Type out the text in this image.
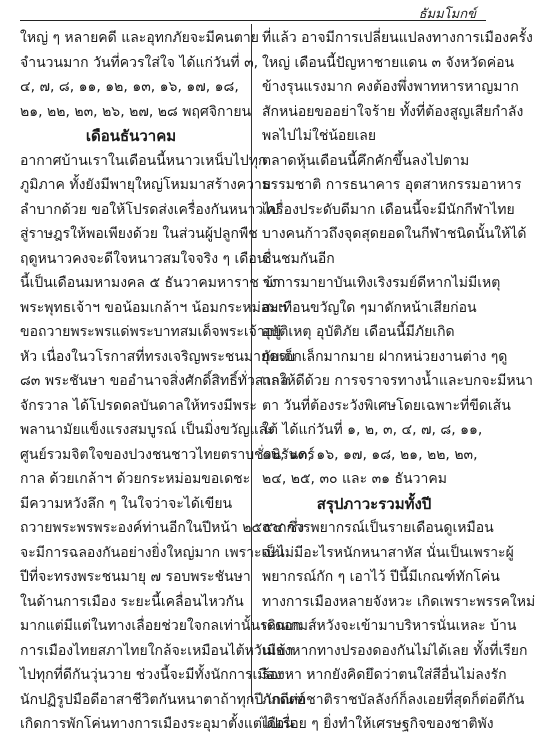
ธัมมโมกข์
ใหญ่ ๆ หลายคดี และอุทกภัยจะมีคนตาย
จำนวนมาก วันที่ควรใส่ใจ ได้แก่วันที่ ๓,
๔, ๗, ๘, ๑๑, ๑๒, ๑๓, ๑๖, ๑๗, ๑๘,
๒๑, ๒๒, ๒๓, ๒๖, ๒๗, ๒๘ พฤศจิกายน
เดือนธันวาคม
อากาศบ้านเราในเดือนนี้หนาวเหน็บไปทุก
ภูมิภาค ทั้งยังมีพายุใหญ่โหมมาสร้างความ
ลำบากด้วย ขอให้โปรดส่งเครื่องกันหนาวไป
สู่ราษฎรให้พอเพียงด้วย ในส่วนผู้ปลูกพืช
ฤดูหนาวคงจะดีใจหนาวสมใจจริง ๆ เดือน
นี้เป็นเดือนมหามงคล ๕ ธันวาคมหาราช ข้า
พระพุทธเจ้าฯ ขอน้อมเกล้าฯ น้อมกระหม่อมฯ
ขอถวายพระพรแด่พระบาทสมเด็จพระเจ้าอยู่
หัว เนื่องในวโรกาสที่ทรงเจริญพระชนมายุครบ
๘๓ พระชันษา ขออำนาจสิ่งศักดิ์สิทธิ์ทั่วสากล
จักรวาล ได้โปรดดลบันดาลให้ทรงมีพระ
พลานามัยแข็งแรงสมบูรณ์ เป็นมิ่งขวัญและ
ศูนย์รวมจิตใจของปวงชนชาวไทยตราบชั่วนิรันดร์
กาล ด้วยเกล้าฯ ด้วยกระหม่อมขอเดชะ
มีความหวังลึก ๆ ในใจว่าจะได้เขียน
ถวายพระพรพระองค์ท่านอีกในปีหน้า ๒๕๕๔ ซึ่ง
จะมีการฉลองกันอย่างยิ่งใหญ่มาก เพราะเป็น
ปีที่จะทรงพระชนมายุ ๗ รอบพระชันษา
ในด้านการเมือง ระยะนี้เคลื่อนไหวกัน
มากแต่มีแต่ในทางเลื่อยช่วยใจกลเท่านั้นระดอก
การเมืองไทยสภาไทยใกล้จะเหมือนไต้หวันเข้า
ไปทุกที่ดีกันวุ่นวาย ช่วงนี้จะมีทั้งนักการเมือง
นักปฏิรูปมือดีอาสาชีวิตกันหนาตาถ้าทุกปี เกณฑ์
เกิดการพักโค่นทางการเมืองระอุมาตั้งแต่เดือน
ที่แล้ว อาจมีการเปลี่ยนแปลงทางการเมืองครั้ง
ใหญ่ เดือนนี้ปัญหาชายแดน ๓ จังหวัดค่อน
ข้างรุนแรงมาก คงต้องพึ่งพาทหารหาญมาก
สักหน่อยขออย่าใจร้าย ทั้งที่ต้องสูญเสียกำลัง
พลไปไม่ใช่น้อยเลย
ตลาดหุ้นเดือนนี้คึกคักขึ้นลงไปตาม
ธรรมชาติ การธนาคาร อุตสาหกรรมอาหาร
เครื่องประดับดีมาก เดือนนี้จะมีนักกีฬาไทย
บางคนก้าวถึงจุดสุดยอดในกีฬาชนิดนั้นให้ได้
ชื่นชมกันอีก
วงการมายาบันเทิงเริงรมย์ดีหากไม่มีเหตุ
สะเทือนขวัญใด ๆมาดักหน้าเสียก่อน
อุบัติเหตุ อุบัติภัย เดือนนี้มีภัยเกิด
กับเด็กเล็กมากมาย ฝากหน่วยงานต่าง ๆดู
แลให้ดีด้วย การจราจรทางน้ำและบกจะมีหนา
ตา วันที่ต้องระวังพิเศษโดยเฉพาะที่ขีดเส้น
ใต้ ได้แก่วันที่ ๑, ๒, ๓, ๔, ๗, ๘, ๑๑,
๑๒, ๑๓, ๑๖, ๑๗, ๑๘, ๒๑, ๒๒, ๒๓,
๒๔, ๒๕, ๓๐ และ ๓๑ ธันวาคม
สรุปภาวะรวมทั้งปี
จากการพยากรณ์เป็นรายเดือนดูเหมือน
จะไม่มีอะไรหนักหนาสาหัส นั่นเป็นเพราะผู้
พยากรณ์กัก ๆ เอาไว้ ปีนี้มีเกณฑ์ทักโค่น
ทางการเมืองหลายจังหวะ เกิดเพราะพรรคใหม่
เดินเกมส์หวังจะเข้ามาบริหารนั่นเหละ บ้าน
เมืองหากทางปรองดองกันไม่ได้เลย ทั้งที่เรียก
ร้องหา หากยังคิดยึดว่าตนใส่สีอื่นไม่ลงรัก
ภักดีต่อชาติราชบัลลังก์ก็ลงเอยที่สุดก็ต่อตีกัน
ไปเรื่อย ๆ ยิ่งทำให้เศรษฐกิจของชาติพัง
